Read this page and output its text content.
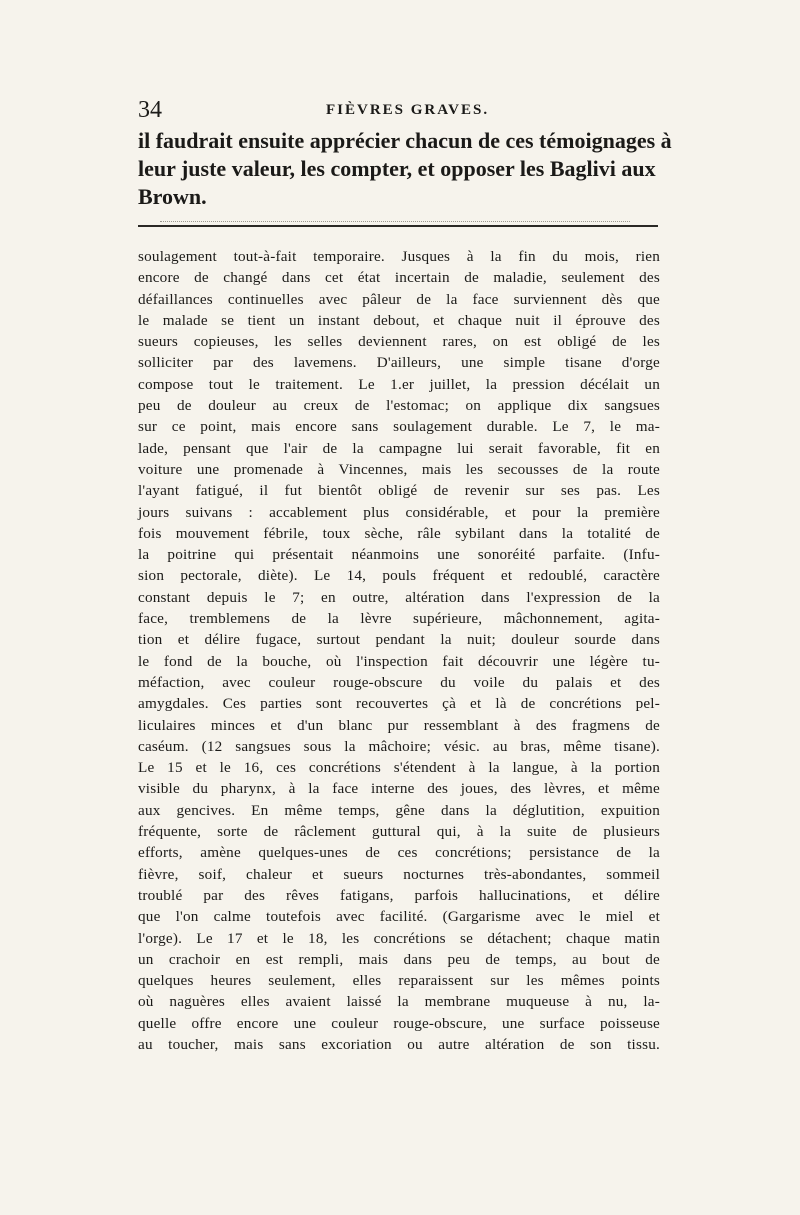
34	FIÈVRES GRAVES.
il faudrait ensuite apprécier chacun de ces témoignages à
leur juste valeur, les compter, et opposer les Baglivi aux
Brown.
soulagement tout-à-fait temporaire. Jusques à la fin du mois, rien
encore de changé dans cet état incertain de maladie, seulement des
défaillances continuelles avec pâleur de la face surviennent dès que
le malade se tient un instant debout, et chaque nuit il éprouve des
sueurs copieuses, les selles deviennent rares, on est obligé de les
solliciter par des lavemens. D'ailleurs, une simple tisane d'orge
compose tout le traitement. Le 1.er juillet, la pression décélait un
peu de douleur au creux de l'estomac; on applique dix sangsues
sur ce point, mais encore sans soulagement durable. Le 7, le ma-
lade, pensant que l'air de la campagne lui serait favorable, fit en
voiture une promenade à Vincennes, mais les secousses de la route
l'ayant fatigué, il fut bientôt obligé de revenir sur ses pas. Les
jours suivans : accablement plus considérable, et pour la première
fois mouvement fébrile, toux sèche, râle sybilant dans la totalité de
la poitrine qui présentait néanmoins une sonoréité parfaite. (Infu-
sion pectorale, diète). Le 14, pouls fréquent et redoublé, caractère
constant depuis le 7; en outre, altération dans l'expression de la
face, tremblemens de la lèvre supérieure, mâchonnement, agita-
tion et délire fugace, surtout pendant la nuit; douleur sourde dans
le fond de la bouche, où l'inspection fait découvrir une légère tu-
méfaction, avec couleur rouge-obscure du voile du palais et des
amygdales. Ces parties sont recouvertes çà et là de concrétions pel-
liculaires minces et d'un blanc pur ressemblant à des fragmens de
caséum. (12 sangsues sous la mâchoire; vésic. au bras, même tisane).
Le 15 et le 16, ces concrétions s'étendent à la langue, à la portion
visible du pharynx, à la face interne des joues, des lèvres, et même
aux gencives. En même temps, gêne dans la déglutition, expuition
fréquente, sorte de râclement guttural qui, à la suite de plusieurs
efforts, amène quelques-unes de ces concrétions; persistance de la
fièvre, soif, chaleur et sueurs nocturnes très-abondantes, sommeil
troublé par des rêves fatigans, parfois hallucinations, et délire
que l'on calme toutefois avec facilité. (Gargarisme avec le miel et
l'orge). Le 17 et le 18, les concrétions se détachent; chaque matin
un crachoir en est rempli, mais dans peu de temps, au bout de
quelques heures seulement, elles reparaissent sur les mêmes points
où naguères elles avaient laissé la membrane muqueuse à nu, la-
quelle offre encore une couleur rouge-obscure, une surface poisseuse
au toucher, mais sans excoriation ou autre altération de son tissu.
